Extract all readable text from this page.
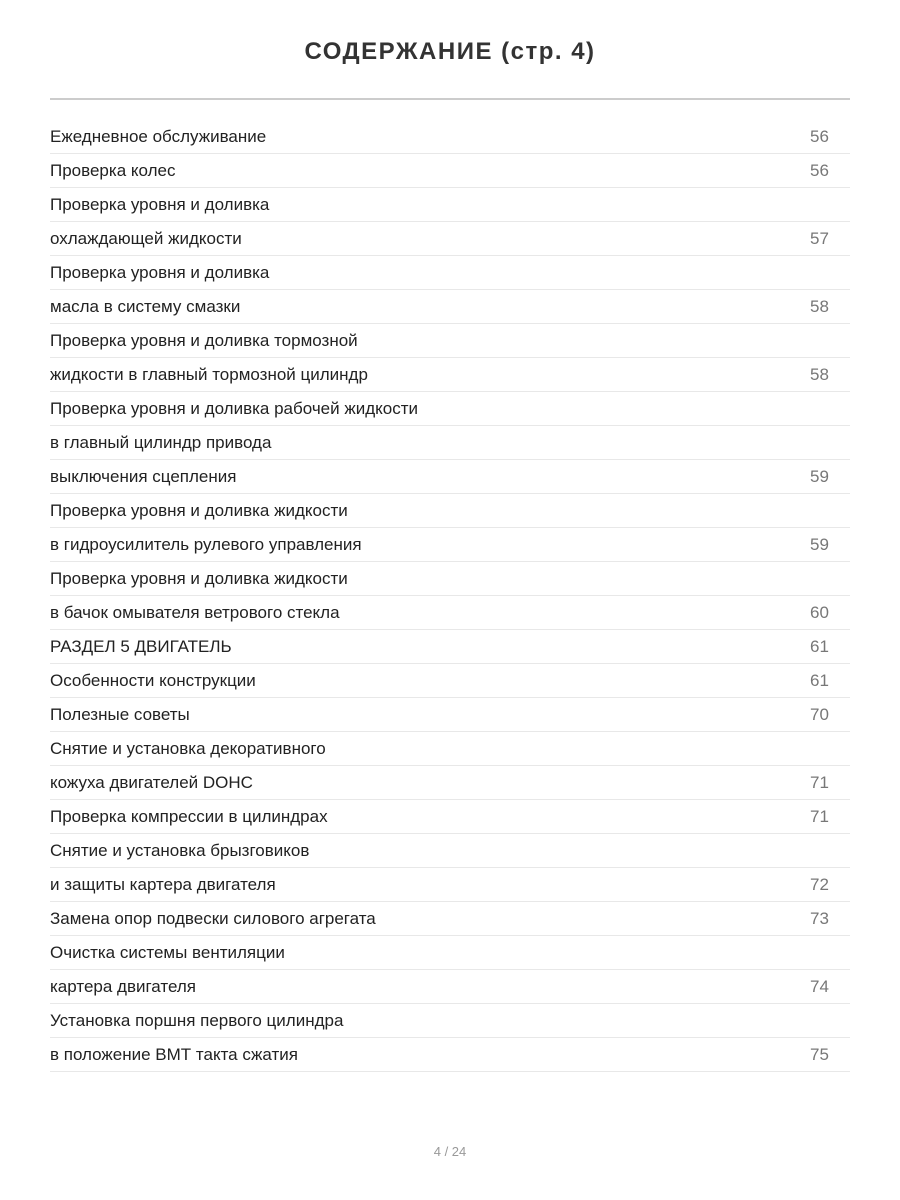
СОДЕРЖАНИЕ (стр. 4)
Ежедневное обслуживание	56
Проверка колес	56
Проверка уровня и доливка
охлаждающей жидкости	57
Проверка уровня и доливка
масла в систему смазки	58
Проверка уровня и доливка тормозной
жидкости в главный тормозной цилиндр	58
Проверка уровня и доливка рабочей жидкости
в главный цилиндр привода
выключения сцепления	59
Проверка уровня и доливка жидкости
в гидроусилитель рулевого управления	59
Проверка уровня и доливка жидкости
в бачок омывателя ветрового стекла	60
РАЗДЕЛ 5 ДВИГАТЕЛЬ	61
Особенности конструкции	61
Полезные советы	70
Снятие и установка декоративного
кожуха двигателей DOHC	71
Проверка компрессии в цилиндрах	71
Снятие и установка брызговиков
и защиты картера двигателя	72
Замена опор подвески силового агрегата	73
Очистка системы вентиляции
картера двигателя	74
Установка поршня первого цилиндра
в положение ВМТ такта сжатия	75
4 / 24
